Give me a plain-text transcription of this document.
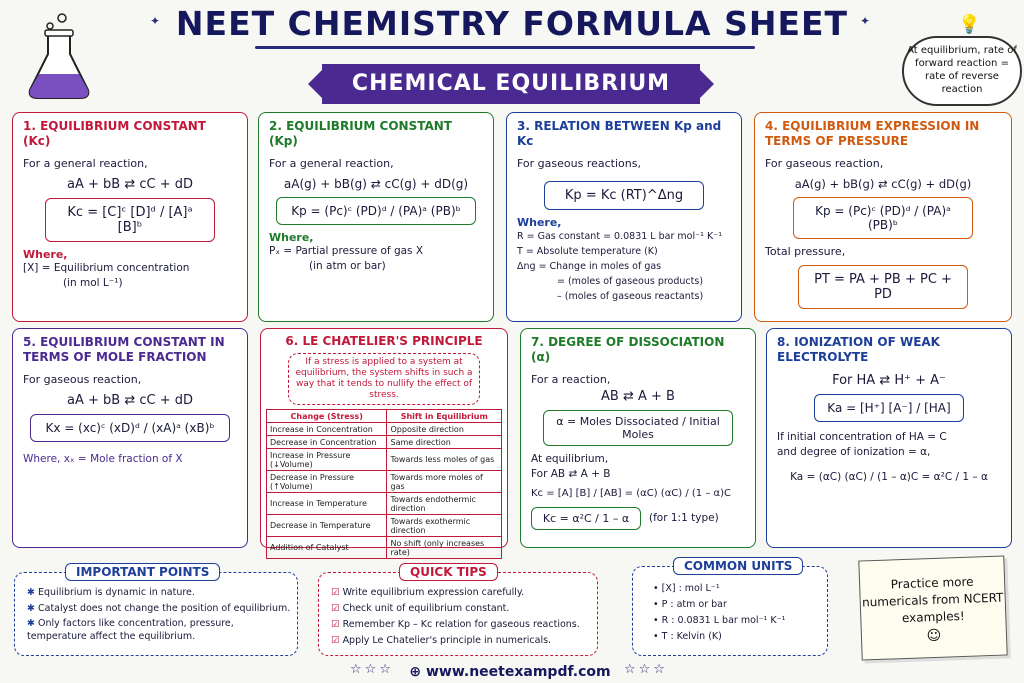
NEET CHEMISTRY FORMULA SHEET
✦	✦
CHEMICAL EQUILIBRIUM
💡
At equilibrium, rate of forward reaction = rate of reverse reaction
1. EQUILIBRIUM CONSTANT (Kc)
For a general reaction,
aA + bB ⇄ cC + dD
Kc = [C]ᶜ [D]ᵈ / [A]ᵃ [B]ᵇ
Where,
[X] = Equilibrium concentration
(in mol L⁻¹)
2. EQUILIBRIUM CONSTANT (Kp)
For a general reaction,
aA(g) + bB(g) ⇄ cC(g) + dD(g)
Kp = (Pc)ᶜ (PD)ᵈ / (PA)ᵃ (PB)ᵇ
Where,
Pₓ = Partial pressure of gas X
(in atm or bar)
3. RELATION BETWEEN Kp and Kc
For gaseous reactions,
Kp = Kc (RT)^Δng
Where,
R = Gas constant = 0.0831 L bar mol⁻¹ K⁻¹
T = Absolute temperature (K)
Δng = Change in moles of gas
= (moles of gaseous products)
– (moles of gaseous reactants)
4. EQUILIBRIUM EXPRESSION IN TERMS OF PRESSURE
For gaseous reaction,
aA(g) + bB(g) ⇄ cC(g) + dD(g)
Kp = (Pc)ᶜ (PD)ᵈ / (PA)ᵃ (PB)ᵇ
Total pressure,
PT = PA + PB + PC + PD
5. EQUILIBRIUM CONSTANT IN TERMS OF MOLE FRACTION
For gaseous reaction,
aA + bB ⇄ cC + dD
Kx = (xc)ᶜ (xD)ᵈ / (xA)ᵃ (xB)ᵇ
Where, xₓ = Mole fraction of X
6. LE CHATELIER'S PRINCIPLE
If a stress is applied to a system at equilibrium, the system shifts in such a way that it tends to nullify the effect of stress.
Change (Stress)	Shift in Equilibrium
Increase in Concentration	Opposite direction
Decrease in Concentration	Same direction
Increase in Pressure (↓Volume)	Towards less moles of gas
Decrease in Pressure (↑Volume)	Towards more moles of gas
Increase in Temperature	Towards endothermic direction
Decrease in Temperature	Towards exothermic direction
Addition of Catalyst	No shift (only increases rate)
7. DEGREE OF DISSOCIATION (α)
For a reaction,
AB ⇄ A + B
α = Moles Dissociated / Initial Moles
At equilibrium,
For AB ⇄ A + B
Kc = [A] [B] / [AB] = (αC) (αC) / (1 – α)C
Kc = α²C / 1 – α	(for 1:1 type)
8. IONIZATION OF WEAK ELECTROLYTE
For HA ⇄ H⁺ + A⁻
Ka = [H⁺] [A⁻] / [HA]
If initial concentration of HA = C
and degree of ionization = α,
Ka = (αC) (αC) / (1 – α)C = α²C / 1 – α
IMPORTANT POINTS
✱ Equilibrium is dynamic in nature.
✱ Catalyst does not change the position of equilibrium.
✱ Only factors like concentration, pressure, temperature affect the equilibrium.
QUICK TIPS
☑ Write equilibrium expression carefully.
☑ Check unit of equilibrium constant.
☑ Remember Kp – Kc relation for gaseous reactions.
☑ Apply Le Chatelier's principle in numericals.
COMMON UNITS
• [X] : mol L⁻¹
• P : atm or bar
• R : 0.0831 L bar mol⁻¹ K⁻¹
• T : Kelvin (K)
Practice more numericals from NCERT examples!
☺
☆☆☆	⊕ www.neetexampdf.com	☆☆☆
